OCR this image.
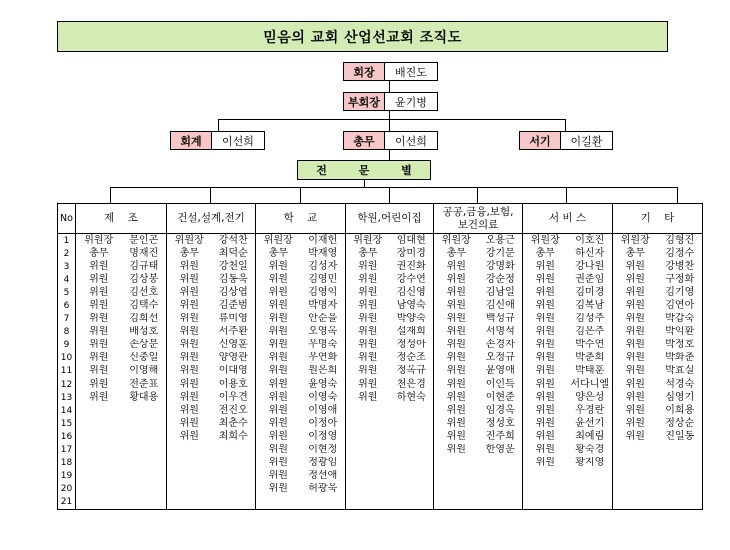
믿음의 교회 산업선교회 조직도
회장	배진도
부회장	윤기병
회계	이선희	총무	이선희	서기	이길환
전 문 별
No	제    조		건설,설계,전기		학    교		학원,어린이집		공공,금융,보험,
보건의료		서 비 스		기    타	
1	위원장	문인곤	위원장	강석찬	위원장	이재헌	위원장	임대현	위원장	오용근	위원장	이호진	위원장	김형진
2	총무	명재진	총무	최덕순	총무	박재영	총무	장미경	총무	강기문	총무	하신자	총무	김정수
3	위원	김규태	위원	강천일	위원	김성자	위원	권진화	위원	강명화	위원	강나원	위원	강병찬
4	위원	김상봉	위원	김동욱	위원	김영민	위원	강수연	위원	강순정	위원	권준임	위원	구정화
5	위원	김선호	위원	김상엽	위원	김영익	위원	김신영	위원	김남일	위원	김미경	위원	김기영
6	위원	김택수	위원	김준범	위원	박명자	위원	남영숙	위원	김신애	위원	김복남	위원	김연아
7	위원	김희선	위원	류미영	위원	안순을	위원	박양숙	위원	백성규	위원	김성주	위원	박갑숙
8	위원	배성호	위원	서주환	위원	오영옥	위원	설재희	위원	서명석	위원	김은주	위원	박익환
9	위원	손상문	위원	신영훈	위원	우명숙	위원	정성아	위원	손경자	위원	박수연	위원	박정호
10	위원	신중일	위원	양영관	위원	우연화	위원	정순조	위원	오정규	위원	박춘희	위원	박화춘
11	위원	이영해	위원	이대영	위원	원은희	위원	정옥규	위원	윤영애	위원	박태훈	위원	박효실
12	위원	전준표	위원	이용호	위원	윤영숙	위원	천은경	위원	이인득	위원	서다니엘	위원	석경숙
13	위원	황대용	위원	이우견	위원	이영숙	위원	하현숙	위원	이현준	위원	양은성	위원	심영기
14			위원	전진오	위원	이영애			위원	임경옥	위원	우경란	위원	이희용
15			위원	최춘수	위원	이정아			위원	정성호	위원	윤선기	위원	정상순
16			위원	최희수	위원	이정영			위원	진주희	위원	최예림	위원	진일동
17					위원	이현정			위원	한영운	위원	황숙경		
18					위원	정광임					위원	황지영		
19					위원	정선애								
20					위원	허광욱								
21														
